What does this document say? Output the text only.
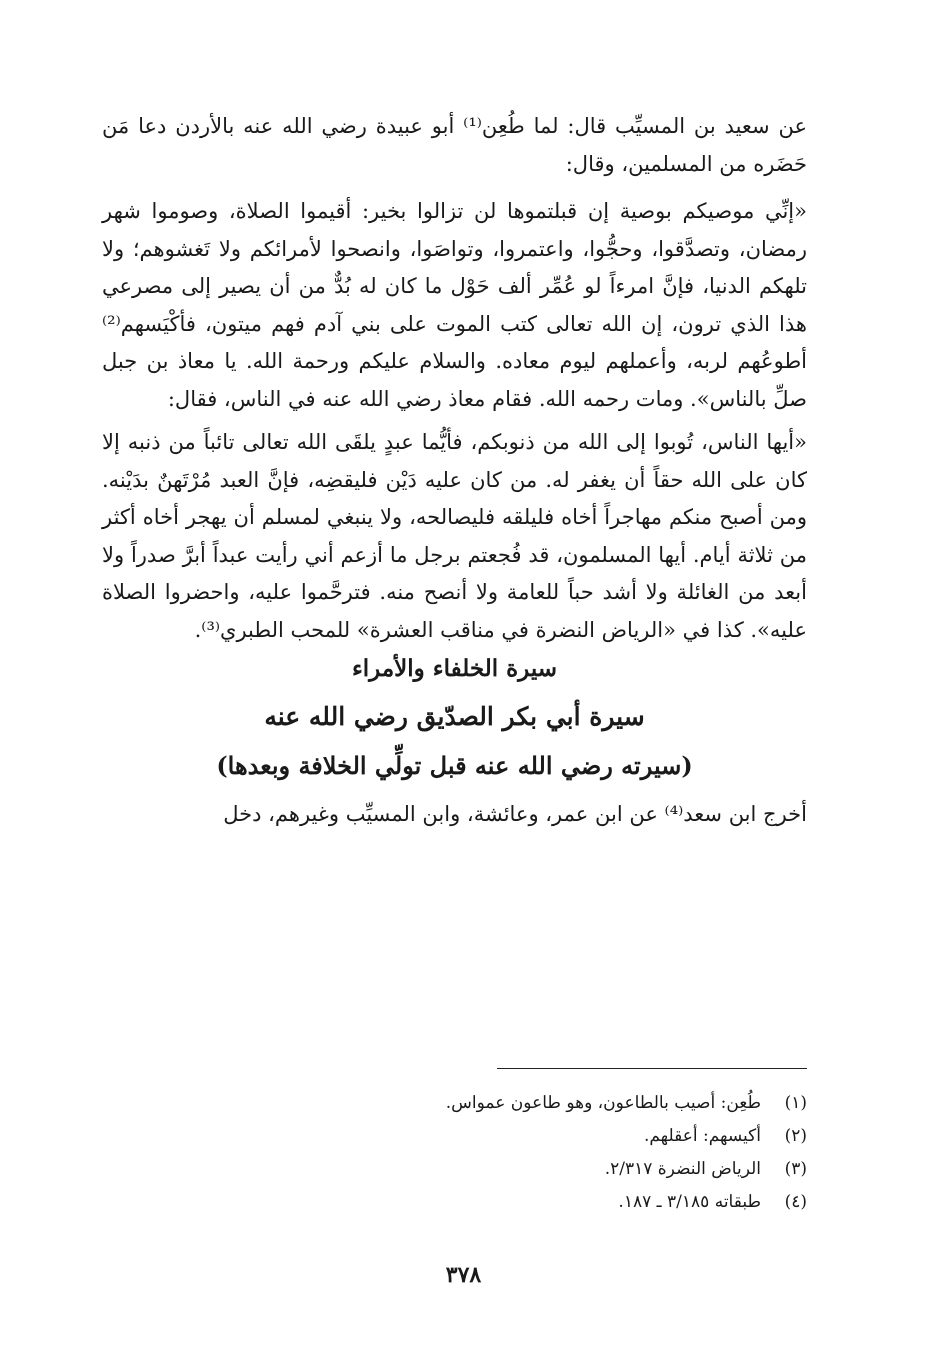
عن سعيد بن المسيِّب قال: لما طُعِن⁽¹⁾ أبو عبيدة رضي الله عنه بالأردن دعا مَن حَضَره من المسلمين، وقال:

«إنِّي موصيكم بوصية إن قبلتموها لن تزالوا بخير: أقيموا الصلاة، وصوموا شهر رمضان، وتصدَّقوا، وحجُّوا، واعتمروا، وتواصَوا، وانصحوا لأمرائكم ولا تَغشوهم؛ ولا تلهكم الدنيا، فإنَّ امرءاً لو عُمِّر ألف حَوْل ما كان له بُدٌّ من أن يصير إلى مصرعي هذا الذي ترون، إن الله تعالى كتب الموت على بني آدم فهم ميتون، فأكْيَسهم⁽²⁾ أطوعُهم لربه، وأعملهم ليوم معاده. والسلام عليكم ورحمة الله. يا معاذ بن جبل صلِّ بالناس». ومات رحمه الله. فقام معاذ رضي الله عنه في الناس، فقال:

«أيها الناس، تُوبوا إلى الله من ذنوبكم، فأيُّما عبدٍ يلقَى الله تعالى تائباً من ذنبه إلا كان على الله حقاً أن يغفر له. من كان عليه دَيْن فليقضِه، فإنَّ العبد مُرْتَهنٌ بدَيْنه. ومن أصبح منكم مهاجراً أخاه فليلقه فليصالحه، ولا ينبغي لمسلم أن يهجر أخاه أكثر من ثلاثة أيام. أيها المسلمون، قد فُجعتم برجل ما أزعم أني رأيت عبداً أبرَّ صدراً ولا أبعد من الغائلة ولا أشد حباً للعامة ولا أنصح منه. فترحَّموا عليه، واحضروا الصلاة عليه». كذا في «الرياض النضرة في مناقب العشرة» للمحب الطبري⁽³⁾.

سيرة الخلفاء والأمراء
سيرة أبي بكر الصدّيق رضي الله عنه
(سيرته رضي الله عنه قبل تولِّي الخلافة وبعدها)

أخرج ابن سعد⁽⁴⁾ عن ابن عمر، وعائشة، وابن المسيِّب وغيرهم، دخل

(١)
طُعِن: أصيب بالطاعون، وهو طاعون عمواس.
(٢)
أكيسهم: أعقلهم.
(٣)
الرياض النضرة ٢/٣١٧.
(٤)
طبقاته ٣/١٨٥ ـ ١٨٧.
٣٧٨
